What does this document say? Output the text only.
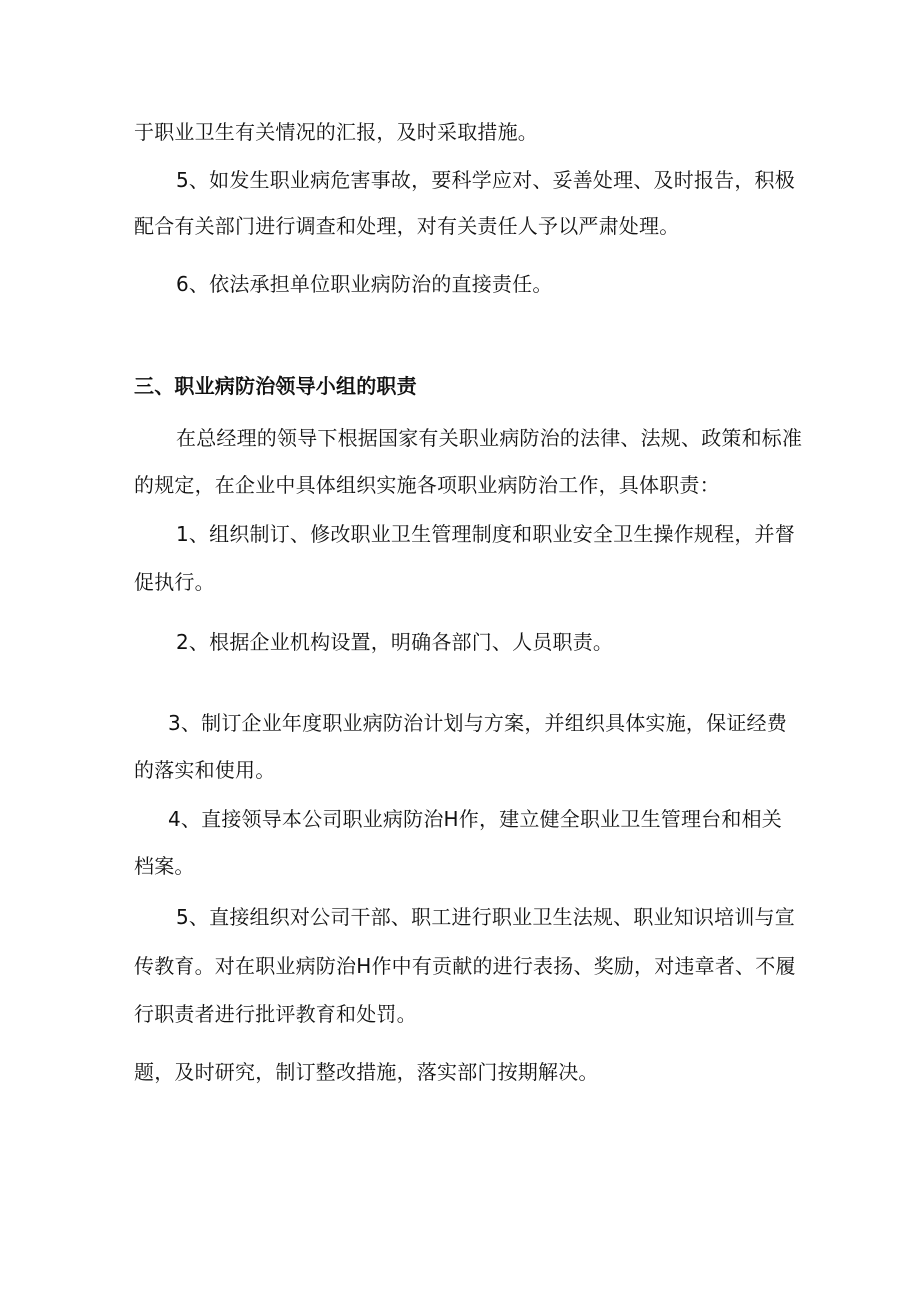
于职业卫生有关情况的汇报，及时采取措施。
5、如发生职业病危害事故，要科学应对、妥善处理、及时报告，积极
配合有关部门进行调查和处理，对有关责任人予以严肃处理。
6、依法承担单位职业病防治的直接责任。
三、职业病防治领导小组的职责
在总经理的领导下根据国家有关职业病防治的法律、法规、政策和标准
的规定，在企业中具体组织实施各项职业病防治工作，具体职责：
1、组织制订、修改职业卫生管理制度和职业安全卫生操作规程，并督
促执行。
2、根据企业机构设置，明确各部门、人员职责。
3、制订企业年度职业病防治计划与方案，并组织具体实施，保证经费
的落实和使用。
4、直接领导本公司职业病防治H作，建立健全职业卫生管理台和相关
档案。
5、直接组织对公司干部、职工进行职业卫生法规、职业知识培训与宣
传教育。对在职业病防治H作中有贡献的进行表扬、奖励，对违章者、不履
行职责者进行批评教育和处罚。
题，及时研究，制订整改措施，落实部门按期解决。
